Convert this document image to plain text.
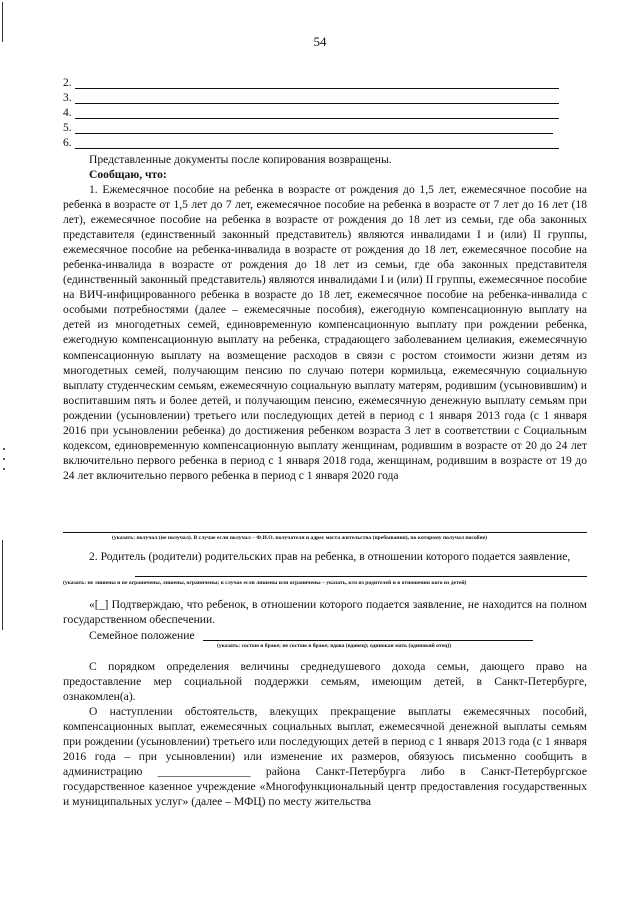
54
2.
3.
4.
5.
6.
Представленные документы после копирования возвращены.
Сообщаю, что:
1. Ежемесячное пособие на ребенка в возрасте от рождения до 1,5 лет, ежемесячное пособие на ребенка в возрасте от 1,5 лет до 7 лет, ежемесячное пособие на ребенка в возрасте от 7 лет до 16 лет (18 лет), ежемесячное пособие на ребенка в возрасте от рождения до 18 лет из семьи, где оба законных представителя (единственный законный представитель) являются инвалидами I и (или) II группы, ежемесячное пособие на ребенка-инвалида в возрасте от рождения до 18 лет, ежемесячное пособие на ребенка-инвалида в возрасте от рождения до 18 лет из семьи, где оба законных представителя (единственный законный представитель) являются инвалидами I и (или) II группы, ежемесячное пособие на ВИЧ-инфицированного ребенка в возрасте до 18 лет, ежемесячное пособие на ребенка-инвалида с особыми потребностями (далее – ежемесячные пособия), ежегодную компенсационную выплату на детей из многодетных семей, единовременную компенсационную выплату при рождении ребенка, ежегодную компенсационную выплату на ребенка, страдающего заболеванием целиакия, ежемесячную компенсационную выплату на возмещение расходов в связи с ростом стоимости жизни детям из многодетных семей, получающим пенсию по случаю потери кормильца, ежемесячную социальную выплату студенческим семьям, ежемесячную социальную выплату матерям, родившим (усыновившим) и воспитавшим пять и более детей, и получающим пенсию, ежемесячную денежную выплату семьям при рождении (усыновлении) третьего или последующих детей в период с 1 января 2013 года (с 1 января 2016 при усыновлении ребенка) до достижения ребенком возраста 3 лет в соответствии с Социальным кодексом, единовременную компенсационную выплату женщинам, родившим в возрасте от 20 до 24 лет включительно первого ребенка в период с 1 января 2018 года, женщинам, родившим в возрасте от 19 до 24 лет включительно первого ребенка в период с 1 января 2020 года
(указать: получал (не получал). В случае если получал – Ф.И.О. получателя и адрес места жительства (пребывания), по которому получал пособие)
2. Родитель (родители) родительских прав на ребенка, в отношении которого подается заявление,
(указать: не лишены и не ограничены, лишены, ограничены; в случае если лишены или ограничены – указать, кто из родителей и в отношении кого из детей)
«[_] Подтверждаю, что ребенок, в отношении которого подается заявление, не находится на полном государственном обеспечении.
Семейное положение
(указать: состою в браке; не состою в браке; вдова (вдовец); одинокая мать (одинокий отец))
С порядком определения величины среднедушевого дохода семьи, дающего право на предоставление мер социальной поддержки семьям, имеющим детей, в Санкт-Петербурге, ознакомлен(а).
О наступлении обстоятельств, влекущих прекращение выплаты ежемесячных пособий, компенсационных выплат, ежемесячных социальных выплат, ежемесячной денежной выплаты семьям при рождении (усыновлении) третьего или последующих детей в период с 1 января 2013 года (с 1 января 2016 года – при усыновлении) или изменение их размеров, обязуюсь письменно сообщить в администрацию ________________ района Санкт-Петербурга либо в Санкт-Петербургское государственное казенное учреждение «Многофункциональный центр предоставления государственных и муниципальных услуг» (далее – МФЦ) по месту жительства
